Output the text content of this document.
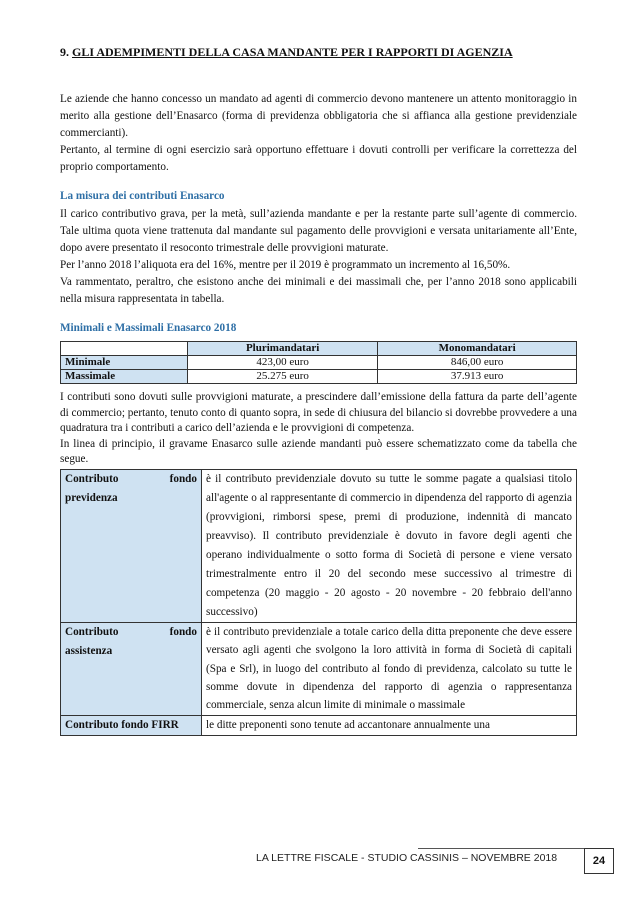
9. GLI ADEMPIMENTI DELLA CASA MANDANTE PER I RAPPORTI DI AGENZIA

Le aziende che hanno concesso un mandato ad agenti di commercio devono mantenere un attento monitoraggio in merito alla gestione dell’Enasarco (forma di previdenza obbligatoria che si affianca alla gestione previdenziale commercianti).

Pertanto, al termine di ogni esercizio sarà opportuno effettuare i dovuti controlli per verificare la correttezza del proprio comportamento.

La misura dei contributi Enasarco

Il carico contributivo grava, per la metà, sull’azienda mandante e per la restante parte sull’agente di commercio. Tale ultima quota viene trattenuta dal mandante sul pagamento delle provvigioni e versata unitariamente all’Ente, dopo avere presentato il resoconto trimestrale delle provvigioni maturate.

Per l’anno 2018 l’aliquota era del 16%, mentre per il 2019 è programmato un incremento al 16,50%.

Va rammentato, peraltro, che esistono anche dei minimali e dei massimali che, per l’anno 2018 sono applicabili nella misura rappresentata in tabella.

Minimali e Massimali Enasarco 2018

	Plurimandatari	Monomandatari
Minimale	423,00 euro	846,00 euro
Massimale	25.275 euro	37.913 euro

I contributi sono dovuti sulle provvigioni maturate, a prescindere dall’emissione della fattura da parte dell’agente di commercio; pertanto, tenuto conto di quanto sopra, in sede di chiusura del bilancio si dovrebbe provvedere a una quadratura tra i contributi a carico dell’azienda e le provvigioni di competenza.

In linea di principio, il gravame Enasarco sulle aziende mandanti può essere schematizzato come da tabella che segue.

Contributo fondo
previdenza	è il contributo previdenziale dovuto su tutte le somme pagate a qualsiasi titolo all'agente o al rappresentante di commercio in dipendenza del rapporto di agenzia (provvigioni, rimborsi spese, premi di produzione, indennità di mancato preavviso). Il contributo previdenziale è dovuto in favore degli agenti che operano individualmente o sotto forma di Società di persone e viene versato trimestralmente entro il 20 del secondo mese successivo al trimestre di competenza (20 maggio - 20 agosto - 20 novembre - 20 febbraio dell'anno successivo)
Contributo fondo
assistenza	è il contributo previdenziale a totale carico della ditta preponente che deve essere versato agli agenti che svolgono la loro attività in forma di Società di capitali (Spa e Srl), in luogo del contributo al fondo di previdenza, calcolato su tutte le somme dovute in dipendenza del rapporto di agenzia o rappresentanza commerciale, senza alcun limite di minimale o massimale
Contributo fondo FIRR	le ditte preponenti sono tenute ad accantonare annualmente una
LA LETTRE FISCALE - STUDIO CASSINIS – NOVEMBRE 2018	24
